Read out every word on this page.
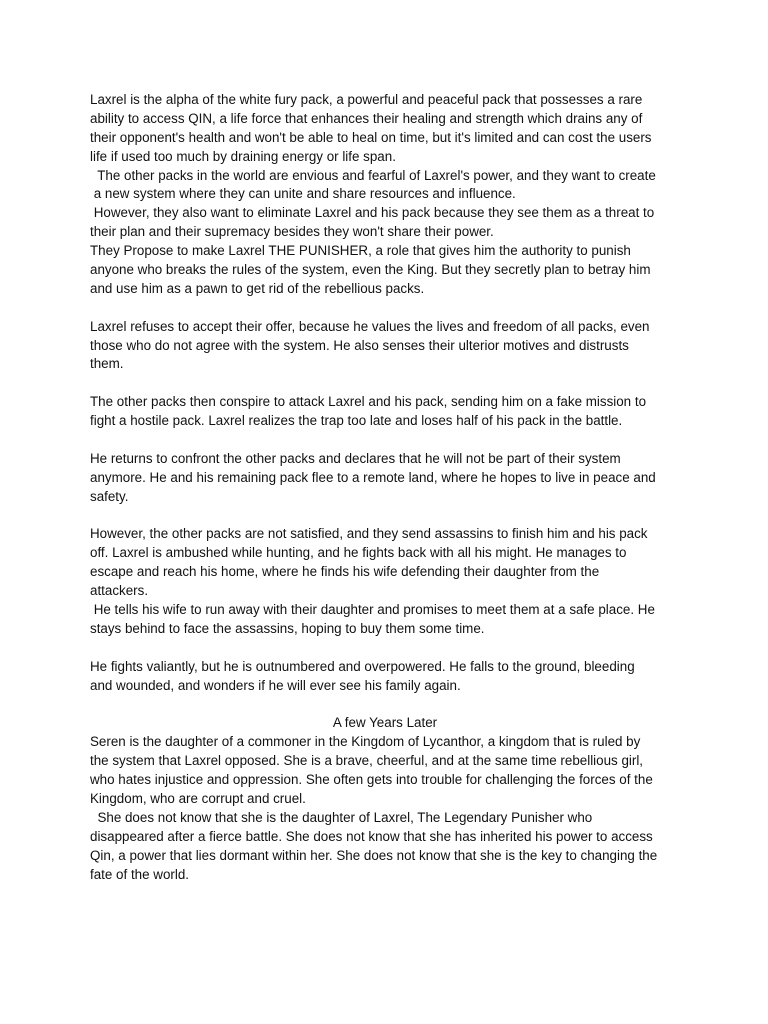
Laxrel is the alpha of the white fury pack, a powerful and peaceful pack that possesses a rare
ability to access QIN, a life force that enhances their healing and strength which drains any of
their opponent's health and won't be able to heal on time, but it's limited and can cost the users
life if used too much by draining energy or life span.
The other packs in the world are envious and fearful of Laxrel's power, and they want to create
a new system where they can unite and share resources and influence.
However, they also want to eliminate Laxrel and his pack because they see them as a threat to
their plan and their supremacy besides they won't share their power.
They Propose to make Laxrel THE PUNISHER, a role that gives him the authority to punish
anyone who breaks the rules of the system, even the King. But they secretly plan to betray him
and use him as a pawn to get rid of the rebellious packs.
Laxrel refuses to accept their offer, because he values the lives and freedom of all packs, even
those who do not agree with the system. He also senses their ulterior motives and distrusts
them.
The other packs then conspire to attack Laxrel and his pack, sending him on a fake mission to
fight a hostile pack. Laxrel realizes the trap too late and loses half of his pack in the battle.
He returns to confront the other packs and declares that he will not be part of their system
anymore. He and his remaining pack flee to a remote land, where he hopes to live in peace and
safety.
However, the other packs are not satisfied, and they send assassins to finish him and his pack
off. Laxrel is ambushed while hunting, and he fights back with all his might. He manages to
escape and reach his home, where he finds his wife defending their daughter from the
attackers.
He tells his wife to run away with their daughter and promises to meet them at a safe place. He
stays behind to face the assassins, hoping to buy them some time.
He fights valiantly, but he is outnumbered and overpowered. He falls to the ground, bleeding
and wounded, and wonders if he will ever see his family again.
A few Years Later
Seren is the daughter of a commoner in the Kingdom of Lycanthor, a kingdom that is ruled by
the system that Laxrel opposed. She is a brave, cheerful, and at the same time rebellious girl,
who hates injustice and oppression. She often gets into trouble for challenging the forces of the
Kingdom, who are corrupt and cruel.
She does not know that she is the daughter of Laxrel, The Legendary Punisher who
disappeared after a fierce battle. She does not know that she has inherited his power to access
Qin, a power that lies dormant within her. She does not know that she is the key to changing the
fate of the world.
